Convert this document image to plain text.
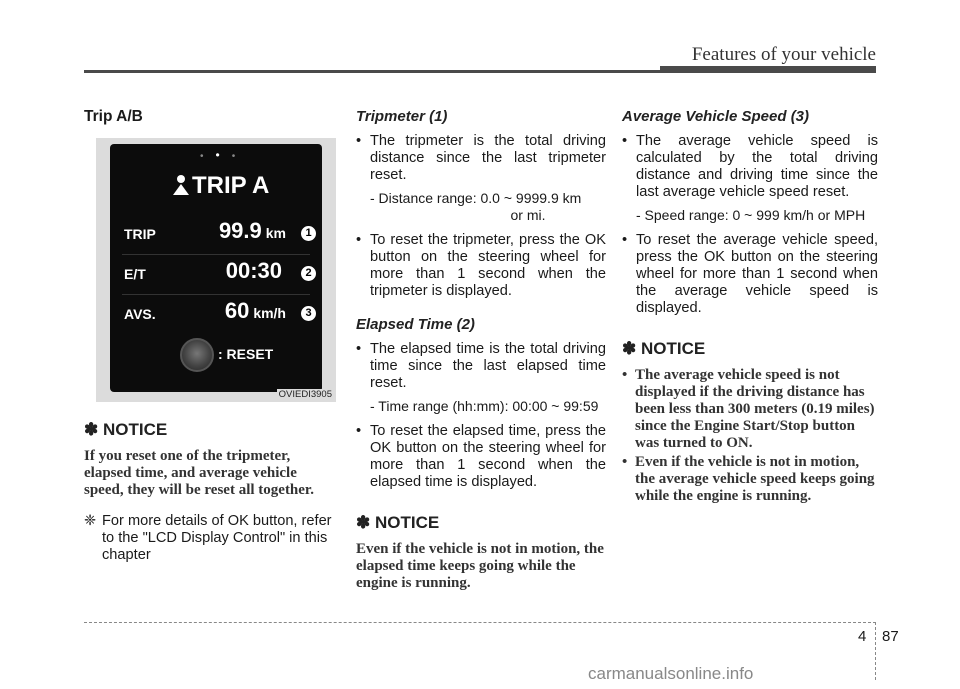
Features of your vehicle
Trip A/B
•••
TRIP A
TRIP	99.9 km	1
E/T	00:30	2
AVS.	60 km/h	3
: RESET
OVIEDI3905
✽ NOTICE

If you reset one of the tripmeter, elapsed time, and average vehicle speed, they will be reset all together.

❈ For more details of OK button, refer to the "LCD Display Control" in this chapter

Tripmeter (1)

• The tripmeter is the total driving distance since the last tripmeter reset.

- Distance range: 0.0 ~ 9999.9 km

or mi.

• To reset the tripmeter, press the OK button on the steering wheel for more than 1 second when the tripmeter is displayed.

Elapsed Time (2)

• The elapsed time is the total driving time since the last elapsed time reset.

- Time range (hh:mm): 00:00 ~ 99:59

• To reset the elapsed time, press the OK button on the steering wheel for more than 1 second when the elapsed time is displayed.

✽ NOTICE

Even if the vehicle is not in motion, the elapsed time keeps going while the engine is running.

Average Vehicle Speed (3)

• The average vehicle speed is calculated by the total driving distance and driving time since the last average vehicle speed reset.

- Speed range: 0 ~ 999 km/h or MPH

• To reset the average vehicle speed, press the OK button on the steering wheel for more than 1 second when the average vehicle speed is displayed.

✽ NOTICE

• The average vehicle speed is not displayed if the driving distance has been less than 300 meters (0.19 miles) since the Engine Start/Stop button was turned to ON.

• Even if the vehicle is not in motion, the average vehicle speed keeps going while the engine is running.

4 87
carmanualsonline.info
